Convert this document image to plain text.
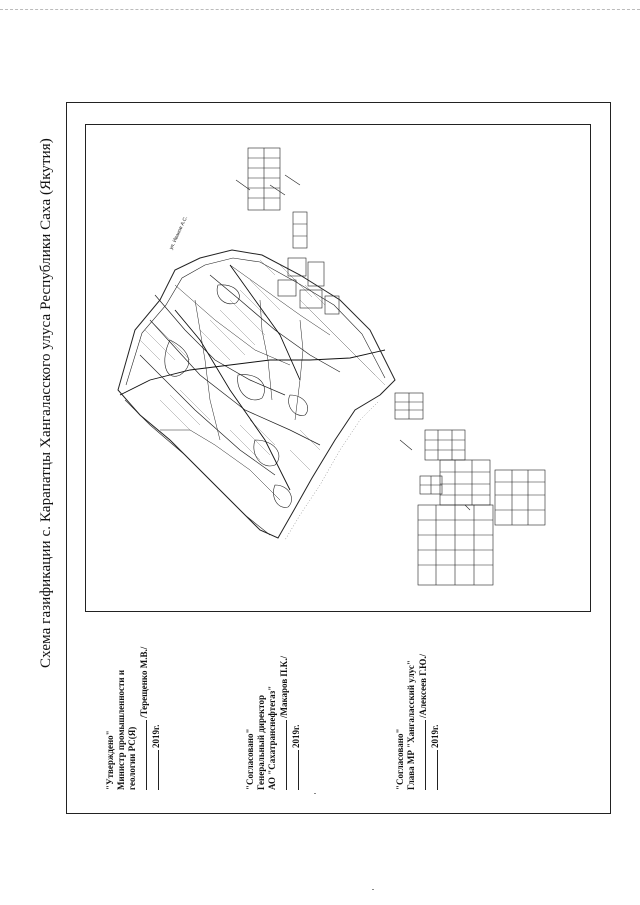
ул. Иванов А.С.
Схема газификации с. Карапатцы Хангаласского улуса Республики Саха (Якутия)
"Утверждено" Министр промышленности и геологии РС(Я)
/Терещенко М.В./
2019г.	"Согласовано" Генеральный директор АО "Сахатранснефтегаз" /Макаров П.К./
2019г.	"Согласовано" Глава МР "Хангаласский улус" /Алексеев Г.Ю./
2019г.
